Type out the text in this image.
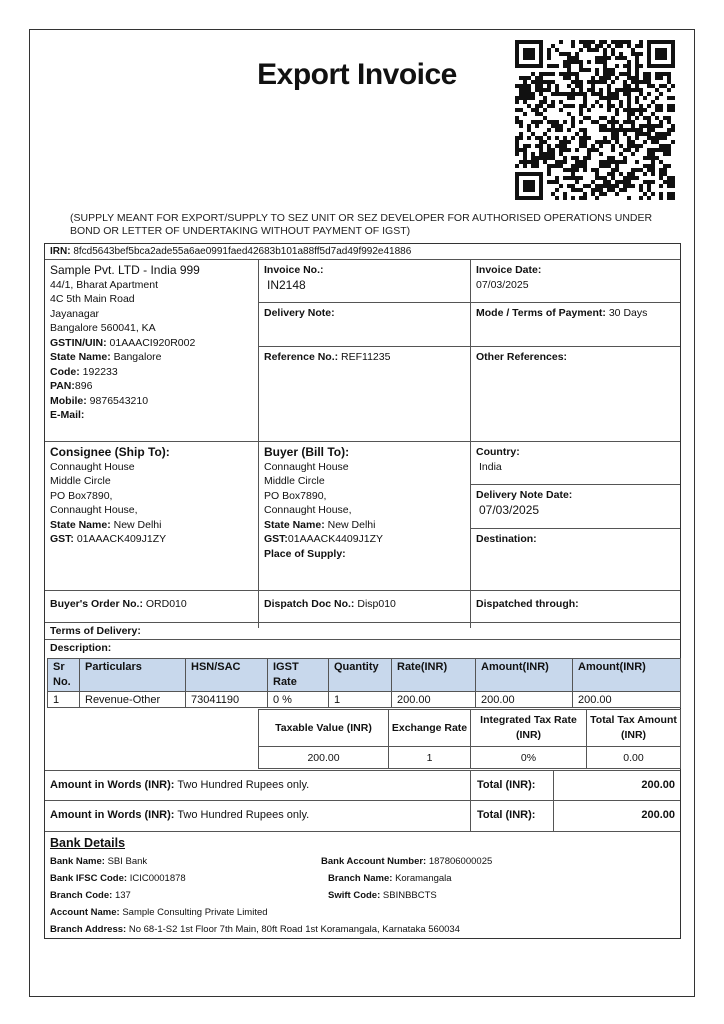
Export Invoice
(SUPPLY MEANT FOR EXPORT/SUPPLY TO SEZ UNIT OR SEZ DEVELOPER FOR AUTHORISED OPERATIONS UNDER BOND OR LETTER OF UNDERTAKING WITHOUT PAYMENT OF IGST)
IRN: 8fcd5643bef5bca2ade55a6ae0991faed42683b101a88ff5d7ad49f992e41886
Sample Pvt. LTD - India 999
44/1, Bharat Apartment
4C 5th Main Road
Jayanagar
Bangalore 560041, KA
GSTIN/UIN: 01AAACI920R002
State Name: Bangalore
Code: 192233
PAN:896
Mobile: 9876543210
E-Mail:
Invoice No.:
IN2148
Invoice Date:
07/03/2025
Delivery Note:	Mode / Terms of Payment: 30 Days
Reference No.: REF11235	Other References:
Consignee (Ship To):
Connaught House
Middle Circle
PO Box7890,
Connaught House,
State Name: New Delhi
GST: 01AAACK409J1ZY
Buyer (Bill To):
Connaught House
Middle Circle
PO Box7890,
Connaught House,
State Name: New Delhi
GST:01AAACK4409J1ZY
Place of Supply:
Country:
India
Delivery Note Date:
07/03/2025
Destination:
Buyer's Order No.: ORD010	Dispatch Doc No.: Disp010	Dispatched through:
Terms of Delivery:
Description:
Sr No.	Particulars	HSN/SAC	IGST Rate	Quantity	Rate(INR)	Amount(INR)	Amount(INR)
1	Revenue-Other	73041190	0 %	1	200.00	200.00	200.00
Taxable Value (INR)	Exchange Rate	Integrated Tax Rate (INR)	Total Tax Amount (INR)
200.00	1	0%	0.00
Amount in Words (INR): Two Hundred Rupees only.	Total (INR):	200.00
Amount in Words (INR): Two Hundred Rupees only.	Total (INR):	200.00
Bank Details
Bank Name: SBI Bank	Bank Account Number: 187806000025
Bank IFSC Code: ICIC0001878	Branch Name: Koramangala
Branch Code: 137	Swift Code: SBINBBCTS
Account Name: Sample Consulting Private Limited
Branch Address: No 68-1-S2 1st Floor 7th Main, 80ft Road 1st Koramangala, Karnataka 560034
